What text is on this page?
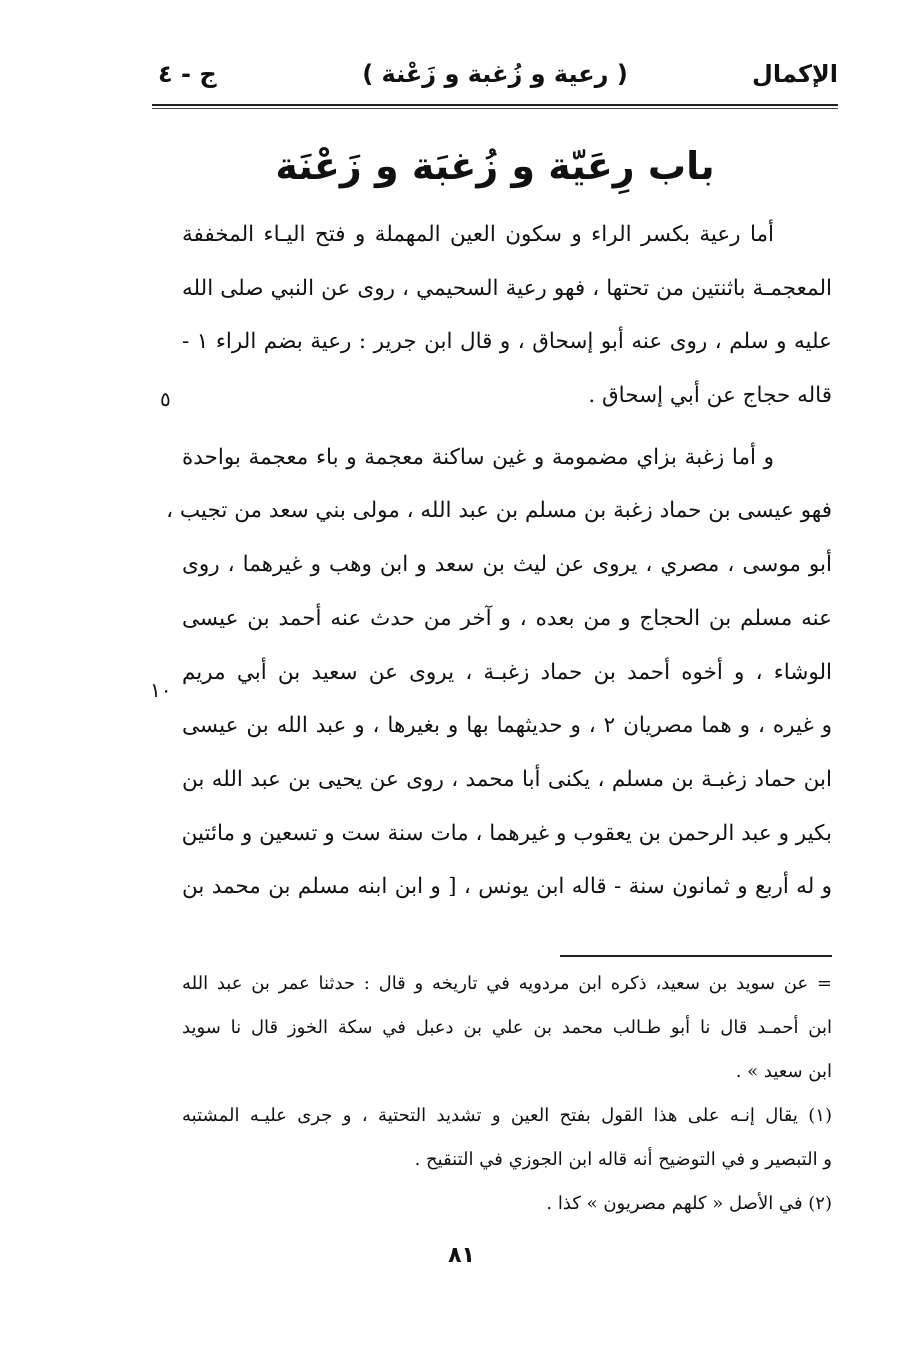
الإكمال
( رعية و زُغبة و زَعْنة )
ج - ٤
باب رِعَيّة و زُغبَة و زَعْنَة
أما رعية بكسر الراء و سكون العين المهملة و فتح اليـاء المخففة
المعجمـة باثنتين من تحتها ، فهو رعية السحيمي ، روى عن النبي صلى الله
عليه و سلم ، روى عنه أبو إسحاق ، و قال ابن جرير : رعية بضم الراء ١ -
قاله حجاج عن أبي إسحاق .
و أما زغبة بزاي مضمومة و غين ساكنة معجمة و باء معجمة بواحدة
فهو عيسى بن حماد زغبة بن مسلم بن عبد الله ، مولى بني سعد من تجيب ،
أبو موسى ، مصري ، يروى عن ليث بن سعد و ابن وهب و غيرهما ، روى
عنه مسلم بن الحجاج و من بعده ، و آخر من حدث عنه أحمد بن عيسى
الوشاء ، و أخوه أحمد بن حماد زغبـة ، يروى عن سعيد بن أبي مريم
و غيره ، و هما مصريان ٢ ، و حديثهما بها و بغيرها ، و عبد الله بن عيسى
ابن حماد زغبـة بن مسلم ، يكنى أبا محمد ، روى عن يحيى بن عبد الله بن
بكير و عبد الرحمن بن يعقوب و غيرهما ، مات سنة ست و تسعين و مائتين
و له أربع و ثمانون سنة - قاله ابن يونس ، [ و ابن ابنه مسلم بن محمد بن
٥
١٠
= عن سويد بن سعيد، ذكره ابن مردويه في تاريخه و قال : حدثنا عمر بن عبد الله
ابن أحمـد قال نا أبو طـالب محمد بن علي بن دعبل في سكة الخوز قال نا سويد
ابن سعيد » .
(١) يقال إنـه على هذا القول بفتح العين و تشديد التحتية ، و جرى عليـه المشتبه
و التبصير و في التوضيح أنه قاله ابن الجوزي في التنقيح .
(٢) في الأصل « كلهم مصريون » كذا .
٨١
